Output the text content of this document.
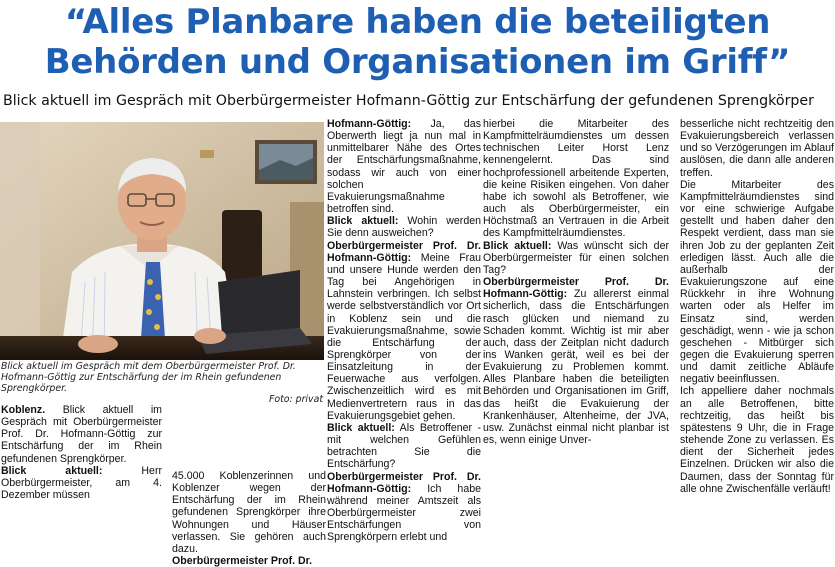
“Alles Planbare haben die beteiligten
Behörden und Organisationen im Griff”
Blick aktuell im Gespräch mit Oberbürgermeister Hofmann-Göttig zur Entschärfung der gefundenen Sprengkörper
Blick aktuell im Gespräch mit dem Oberbürgermeister Prof. Dr. Hofmann-Göttig zur Entschärfung der im Rhein gefundenen Sprengkörper.
Foto: privat

Koblenz. Blick aktuell im Gespräch mit Oberbürgermeister Prof. Dr. Hofmann-Göttig zur Entschärfung der im Rhein gefundenen Sprengkörper.

Blick aktuell: Herr Oberbürgermeister, am 4. Dezember müssen

45.000 Koblenzerinnen und Koblenzer wegen der Entschärfung der im Rhein gefundenen Sprengkörper ihre Wohnungen und Häuser verlassen. Sie gehören auch dazu.

Oberbürgermeister Prof. Dr.

Hofmann-Göttig: Ja, das Oberwerth liegt ja nun mal in unmittelbarer Nähe des Ortes der Entschärfungsmaßnahme, sodass wir auch von einer solchen Evakuierungsmaßnahme betroffen sind.

Blick aktuell: Wohin werden Sie denn ausweichen?

Oberbürgermeister Prof. Dr. Hofmann-Göttig: Meine Frau und unsere Hunde werden den Tag bei Angehörigen in Lahnstein verbringen. Ich selbst werde selbstverständlich vor Ort in Koblenz sein und die Evakuierungsmaßnahme, sowie die Entschärfung der Sprengkörper von der Einsatzleitung in der Feuerwache aus verfolgen. Zwischenzeitlich wird es mit Medienvertretern raus in das Evakuierungsgebiet gehen.

Blick aktuell: Als Betroffener - mit welchen Gefühlen betrachten Sie die Entschärfung?

Oberbürgermeister Prof. Dr. Hofmann-Göttig: Ich habe während meiner Amtszeit als Oberbürgermeister zwei Entschärfungen von Sprengkörpern erlebt und

hierbei die Mitarbeiter des Kampfmittelräumdienstes um dessen technischen Leiter Horst Lenz kennengelernt. Das sind hochprofessionell arbeitende Experten, die keine Risiken eingehen. Von daher habe ich sowohl als Betroffener, wie auch als Oberbürgermeister, ein Höchstmaß an Vertrauen in die Arbeit des Kampfmittelräumdienstes.

Blick aktuell: Was wünscht sich der Oberbürgermeister für einen solchen Tag?

Oberbürgermeister Prof. Dr. Hofmann-Göttig: Zu allererst einmal sicherlich, dass die Entschärfungen rasch glücken und niemand zu Schaden kommt. Wichtig ist mir aber auch, dass der Zeitplan nicht dadurch ins Wanken gerät, weil es bei der Evakuierung zu Problemen kommt. Alles Planbare haben die beteiligten Behörden und Organisationen im Griff, das heißt die Evakuierung der Krankenhäuser, Altenheime, der JVA, usw. Zunächst einmal nicht planbar ist es, wenn einige Unver-

besserliche nicht rechtzeitig den Evakuierungsbereich verlassen und so Verzögerungen im Ablauf auslösen, die dann alle anderen treffen.

Die Mitarbeiter des Kampfmittelräumdienstes sind vor eine schwierige Aufgabe gestellt und haben daher den Respekt verdient, dass man sie ihren Job zu der geplanten Zeit erledigen lässt. Auch alle die außerhalb der Evakuierungszone auf eine Rückkehr in ihre Wohnung warten oder als Helfer im Einsatz sind, werden geschädigt, wenn - wie ja schon geschehen - Mitbürger sich gegen die Evakuierung sperren und damit zeitliche Abläufe negativ beeinflussen.

Ich appelliere daher nochmals an alle Betroffenen, bitte rechtzeitig, das heißt bis spätestens 9 Uhr, die in Frage stehende Zone zu verlassen. Es dient der Sicherheit jedes Einzelnen. Drücken wir also die Daumen, dass der Sonntag für alle ohne Zwischenfälle verläuft!
